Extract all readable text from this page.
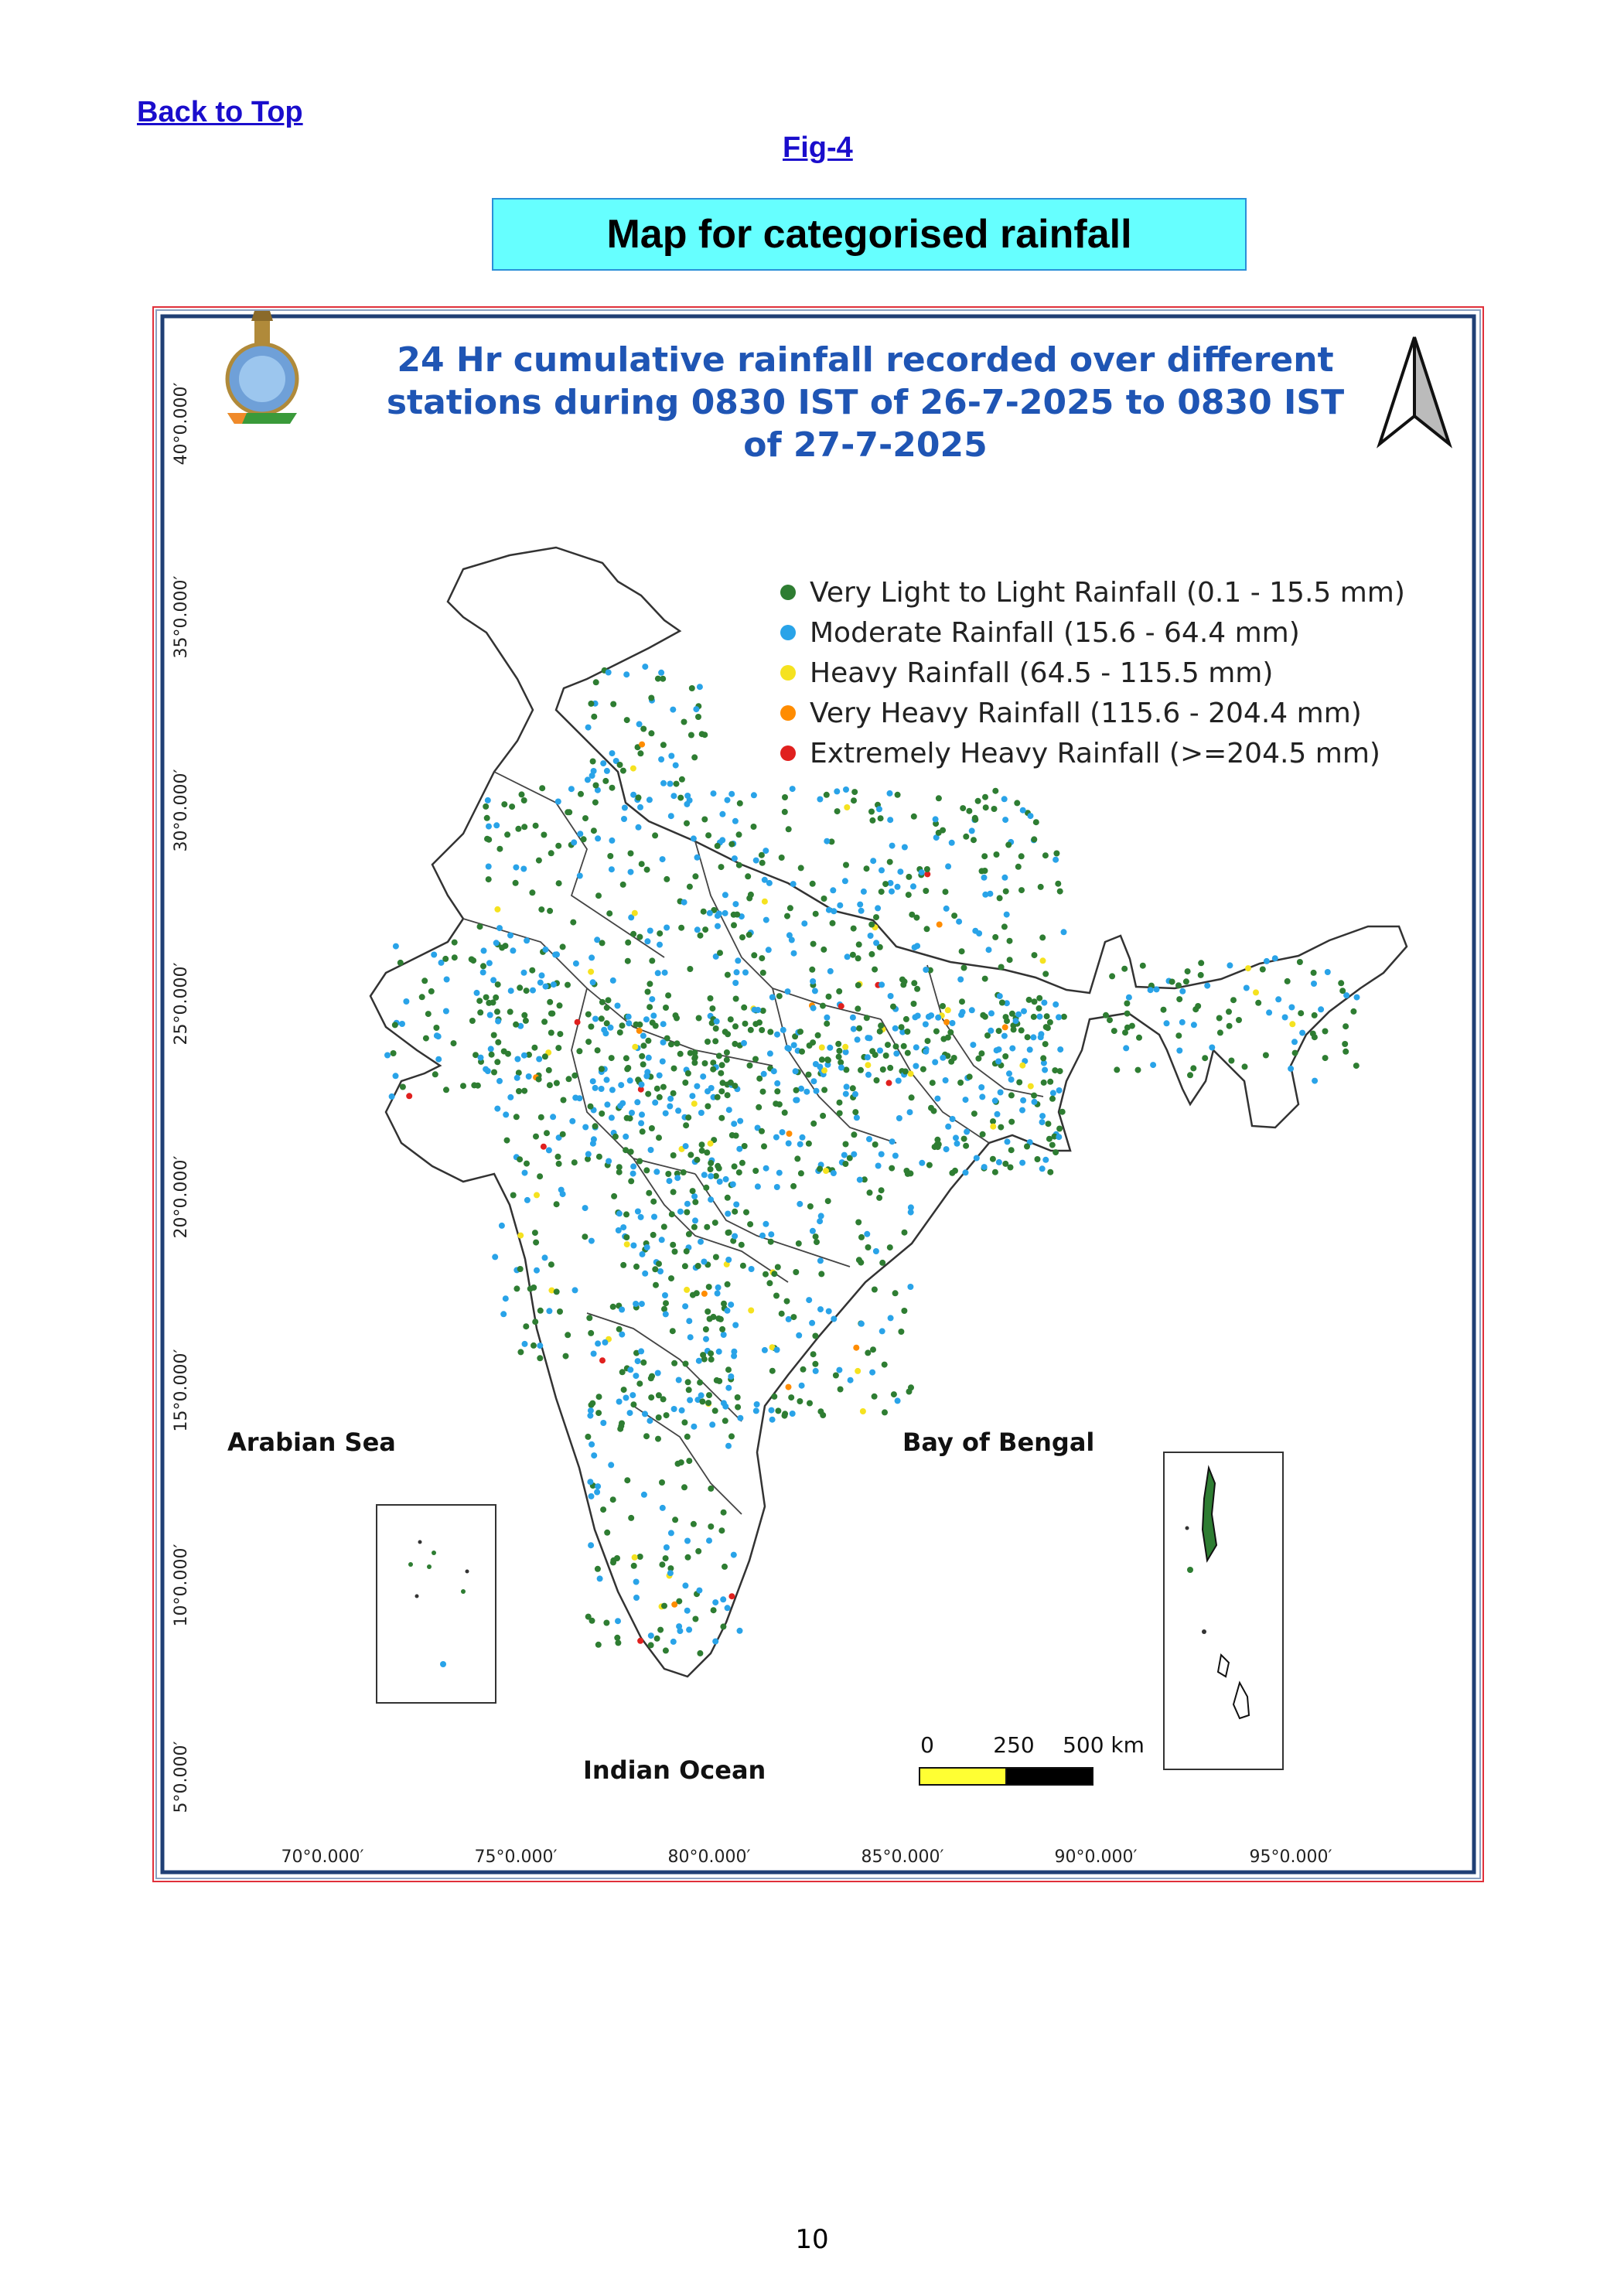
Back to Top
Fig-4
Map for categorised rainfall
24 Hr cumulative rainfall recorded over different
stations during 0830 IST of 26-7-2025 to 0830 IST
of 27-7-2025
Very Light to Light Rainfall (0.1 - 15.5 mm)
Moderate Rainfall (15.6 - 64.4 mm)
Heavy Rainfall (64.5 - 115.5 mm)
Very Heavy Rainfall (115.6 - 204.4 mm)
Extremely Heavy Rainfall (>=204.5 mm)
Arabian Sea	Bay of Bengal
Indian Ocean
0	250 500 km
70°0.000′	75°0.000′	80°0.000′	85°0.000′	90°0.000′	95°0.000′
5°0.000′
10°0.000′
15°0.000′
20°0.000′
25°0.000′
30°0.000′
35°0.000′
40°0.000′
10
